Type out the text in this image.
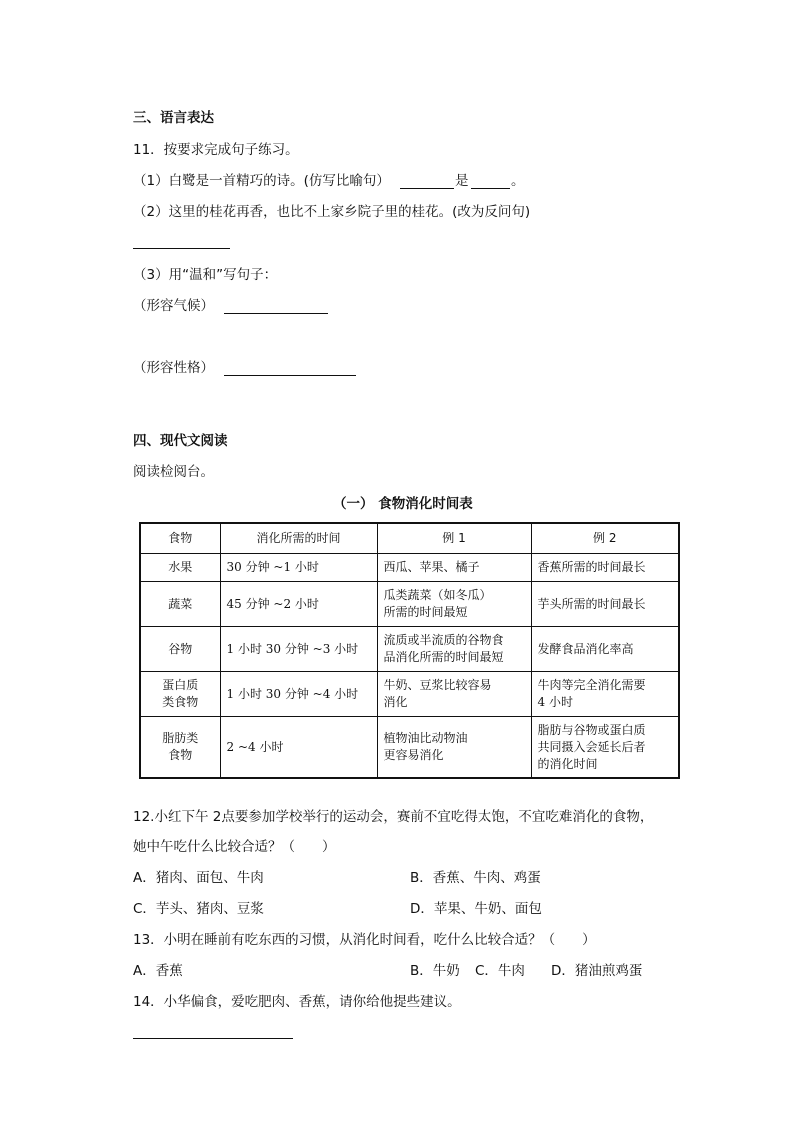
三、语言表达
11．按要求完成句子练习。
（1）白鹭是一首精巧的诗。(仿写比喻句）	是	。
（2）这里的桂花再香，也比不上家乡院子里的桂花。(改为反问句)
（3）用“温和”写句子：
（形容气候）
（形容性格）
四、现代文阅读
阅读检阅台。
（一） 食物消化时间表
食物	消化所需的时间	例 1	例 2

水果	30 分钟 ~1 小时	西瓜、苹果、橘子	香蕉所需的时间最长

蔬菜	45 分钟 ~2 小时	瓜类蔬菜（如冬瓜）
所需的时间最短	芋头所需的时间最长

谷物	1 小时 30 分钟 ~3 小时	流质或半流质的谷物食
品消化所需的时间最短	发酵食品消化率高

蛋白质
类食物	1 小时 30 分钟 ~4 小时	牛奶、豆浆比较容易
消化	牛肉等完全消化需要
4 小时

脂肪类
食物	2 ~4 小时	植物油比动物油
更容易消化	脂肪与谷物或蛋白质
共同摄入会延长后者
的消化时间
12.小红下午 2点要参加学校举行的运动会，赛前不宜吃得太饱，不宜吃难消化的食物，
她中午吃什么比较合适？（　　）
A．猪肉、面包、牛肉	B．香蕉、牛肉、鸡蛋
C．芋头、猪肉、豆浆	D．苹果、牛奶、面包
13．小明在睡前有吃东西的习惯，从消化时间看，吃什么比较合适？（　　）
A．香蕉	B．牛奶 C．牛肉 D．猪油煎鸡蛋
14．小华偏食，爱吃肥肉、香蕉，请你给他提些建议。
